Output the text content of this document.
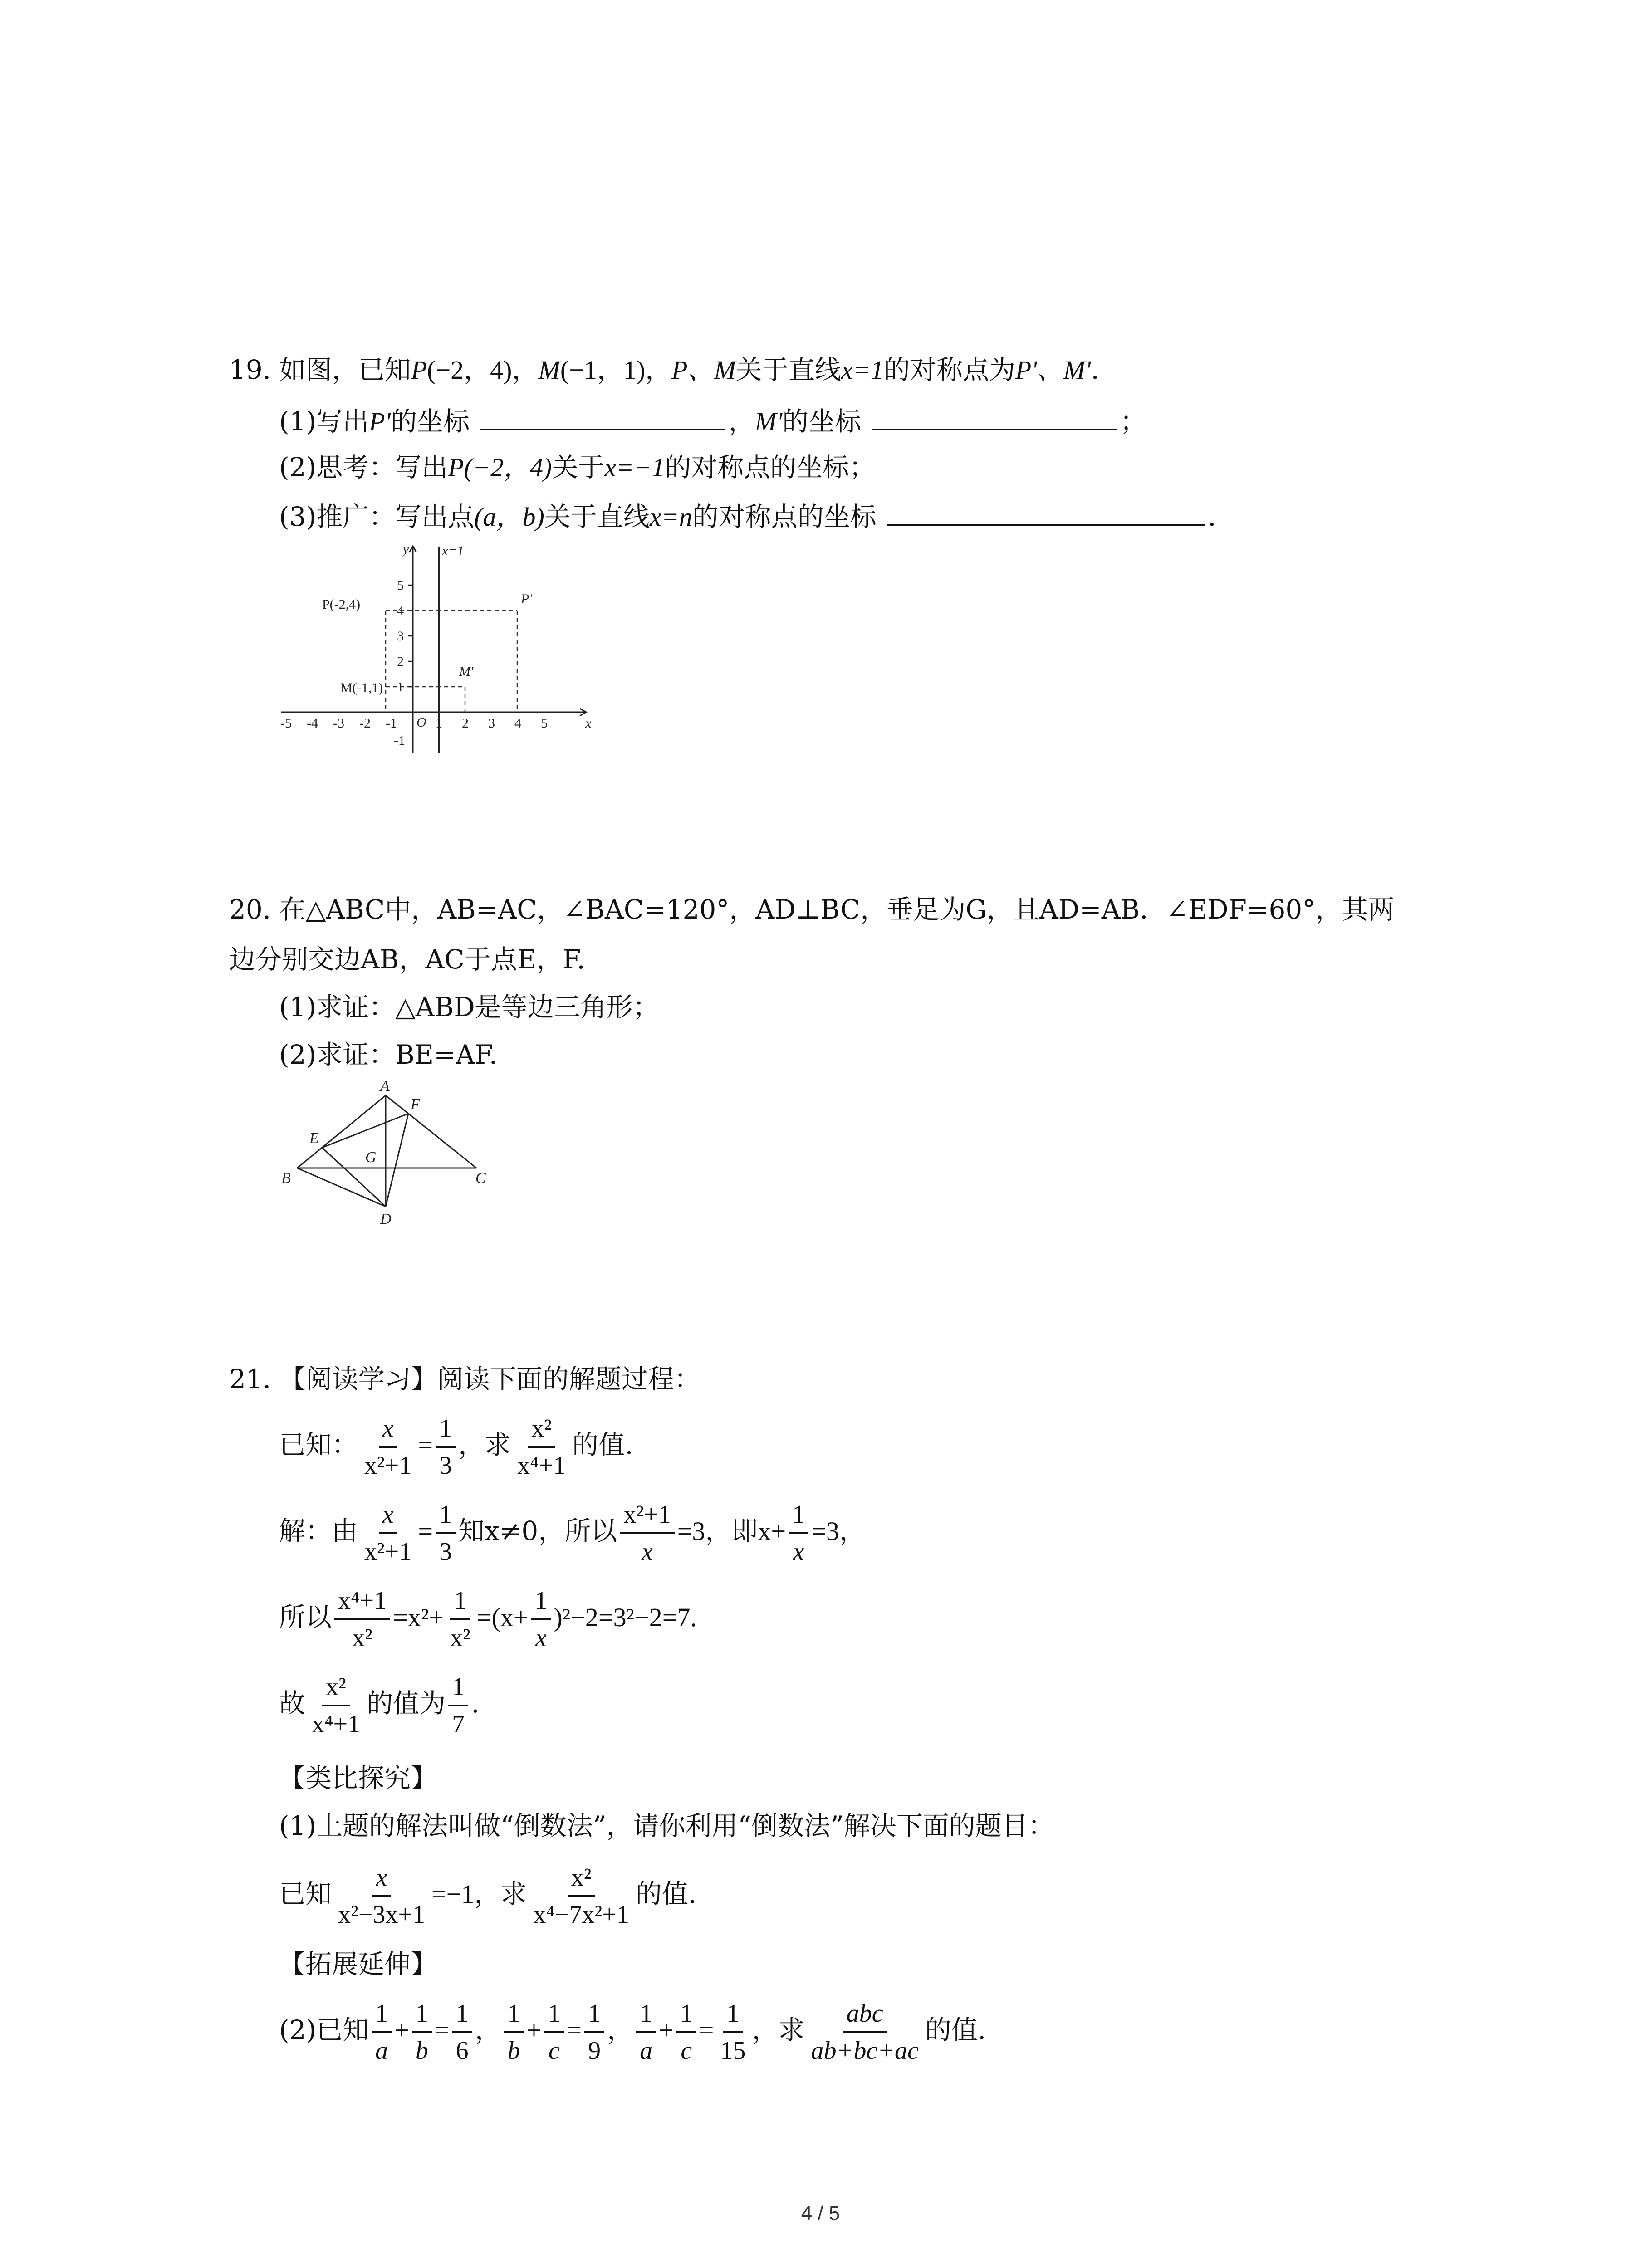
19. 如图，已知P(−2，4)，M(−1，1)，P、M关于直线x=1的对称点为P'、M'.
(1)写出P'的坐标	，M'的坐标	；
(2)思考：写出P(−2，4)关于x=−1的对称点的坐标；
(3)推广：写出点(a，b)关于直线x=n的对称点的坐标	.
y x=1
x
O
P(-2,4)	P'
M(-1,1)
M'
5
4
3
2
1
-1
-5 -4 -3 -2 -1	1 2 3 4 5
20. 在△ABC中，AB=AC，∠BAC=120°，AD⊥BC，垂足为G，且AD=AB．∠EDF=60°，其两
边分别交边AB，AC于点E，F.
(1)求证：△ABD是等边三角形；
(2)求证：BE=AF.
A
F
E
G
B	C
D
21. 【阅读学习】阅读下面的解题过程：
已知： $\frac{x}{\text{x²+1}} = \frac{1}{3}$ ，求 $\frac{\text{x²}}{\text{x⁴+1}}$ 的值.
解：由 $\frac{x}{\text{x²+1}} = \frac{1}{3}$ 知x≠0，所以 $\frac{\text{x²+1}}{x} =3$，即$x+ \frac{1}{x} =3$，
所以 $\frac{\text{x⁴+1}}{\text{x²}} =x^2+ \frac{1}{\text{x²}} =(x+ \frac{1}{x} )^2-2=3^2-2=7$.
故 $\frac{\text{x²}}{\text{x⁴+1}}$ 的值为 $\frac{1}{7}$ .
【类比探究】
(1)上题的解法叫做“倒数法”，请你利用“倒数法”解决下面的题目：
已知 $\frac{x}{\text{x²−3x+1}} =-1$，求 $\frac{\text{x²}}{\text{x⁴−7x²+1}}$ 的值.
【拓展延伸】
(2)已知 $\frac{1}{a} + \frac{1}{b} = \frac{1}{6}$ ， $\frac{1}{b} + \frac{1}{c} = \frac{1}{9}$ ， $\frac{1}{a} + \frac{1}{c} = \frac{1}{15}$ ，求 $\frac{\text{abc}}{ab+bc+ac}$ 的值.
4 / 5
